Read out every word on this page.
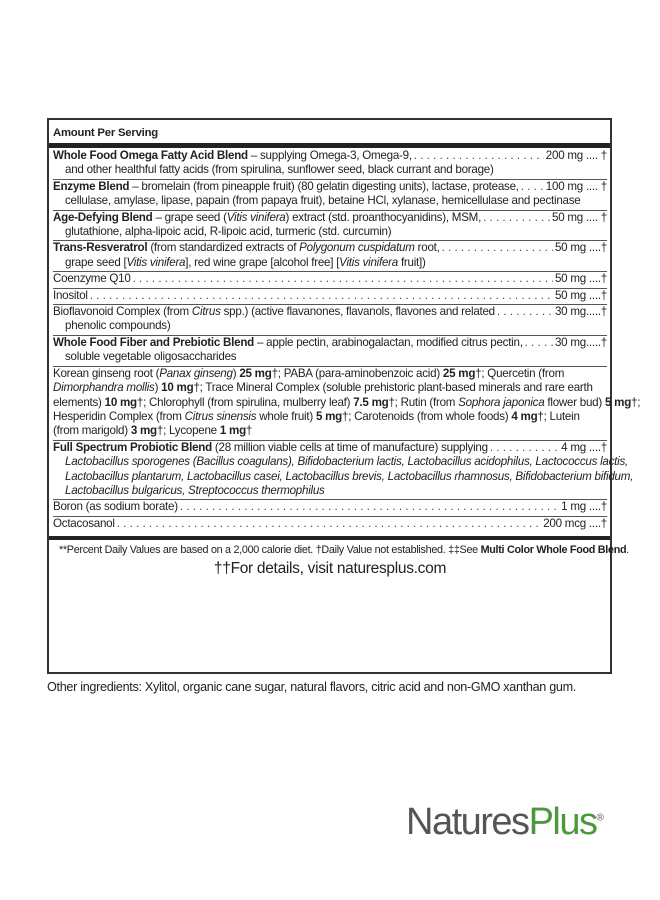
Amount Per Serving
Whole Food Omega Fatty Acid Blend – supplying Omega-3, Omega-9, . . .	200 mg .... †
and other healthful fatty acids (from spirulina, sunflower seed, black currant and borage)
Enzyme Blend – bromelain (from pineapple fruit) (80 gelatin digesting units), lactase, protease, . . . 100 mg .... †
cellulase, amylase, lipase, papain (from papaya fruit), betaine HCl, xylanase, hemicellulase and pectinase
Age-Defying Blend – grape seed (Vitis vinifera) extract (std. proanthocyanidins), MSM, . . .	50 mg .... †
glutathione, alpha-lipoic acid, R-lipoic acid, turmeric (std. curcumin)
Trans-Resveratrol (from standardized extracts of Polygonum cuspidatum root, . . .	50 mg ....†
grape seed [Vitis vinifera], red wine grape [alcohol free] [Vitis vinifera fruit])
Coenzyme Q10 . . .	50 mg ....†
Inositol . . .	50 mg ....†
Bioflavonoid Complex (from Citrus spp.) (active flavanones, flavanols, flavones and related . . .	30 mg.....†
phenolic compounds)
Whole Food Fiber and Prebiotic Blend – apple pectin, arabinogalactan, modified citrus pectin, . . .	30 mg.....†
soluble vegetable oligosaccharides
Korean ginseng root (Panax ginseng) 25 mg†; PABA (para-aminobenzoic acid) 25 mg†; Quercetin (from
Dimorphandra mollis) 10 mg†; Trace Mineral Complex (soluble prehistoric plant-based minerals and rare earth
elements) 10 mg†; Chlorophyll (from spirulina, mulberry leaf) 7.5 mg†; Rutin (from Sophora japonica flower bud) 5 mg†;
Hesperidin Complex (from Citrus sinensis whole fruit) 5 mg†; Carotenoids (from whole foods) 4 mg†; Lutein
(from marigold) 3 mg†; Lycopene 1 mg†
Full Spectrum Probiotic Blend (28 million viable cells at time of manufacture) supplying . . .	4 mg ....†
Lactobacillus sporogenes (Bacillus coagulans), Bifidobacterium lactis, Lactobacillus acidophilus, Lactococcus lactis,
Lactobacillus plantarum, Lactobacillus casei, Lactobacillus brevis, Lactobacillus rhamnosus, Bifidobacterium bifidum,
Lactobacillus bulgaricus, Streptococcus thermophilus
Boron (as sodium borate) . . .	1 mg ....†
Octacosanol . . .	200 mcg ....†
**Percent Daily Values are based on a 2,000 calorie diet. †Daily Value not established. ‡‡See Multi Color Whole Food Blend.
††For details, visit naturesplus.com
Other ingredients: Xylitol, organic cane sugar, natural flavors, citric acid and non-GMO xanthan gum.
NaturesPlus®
